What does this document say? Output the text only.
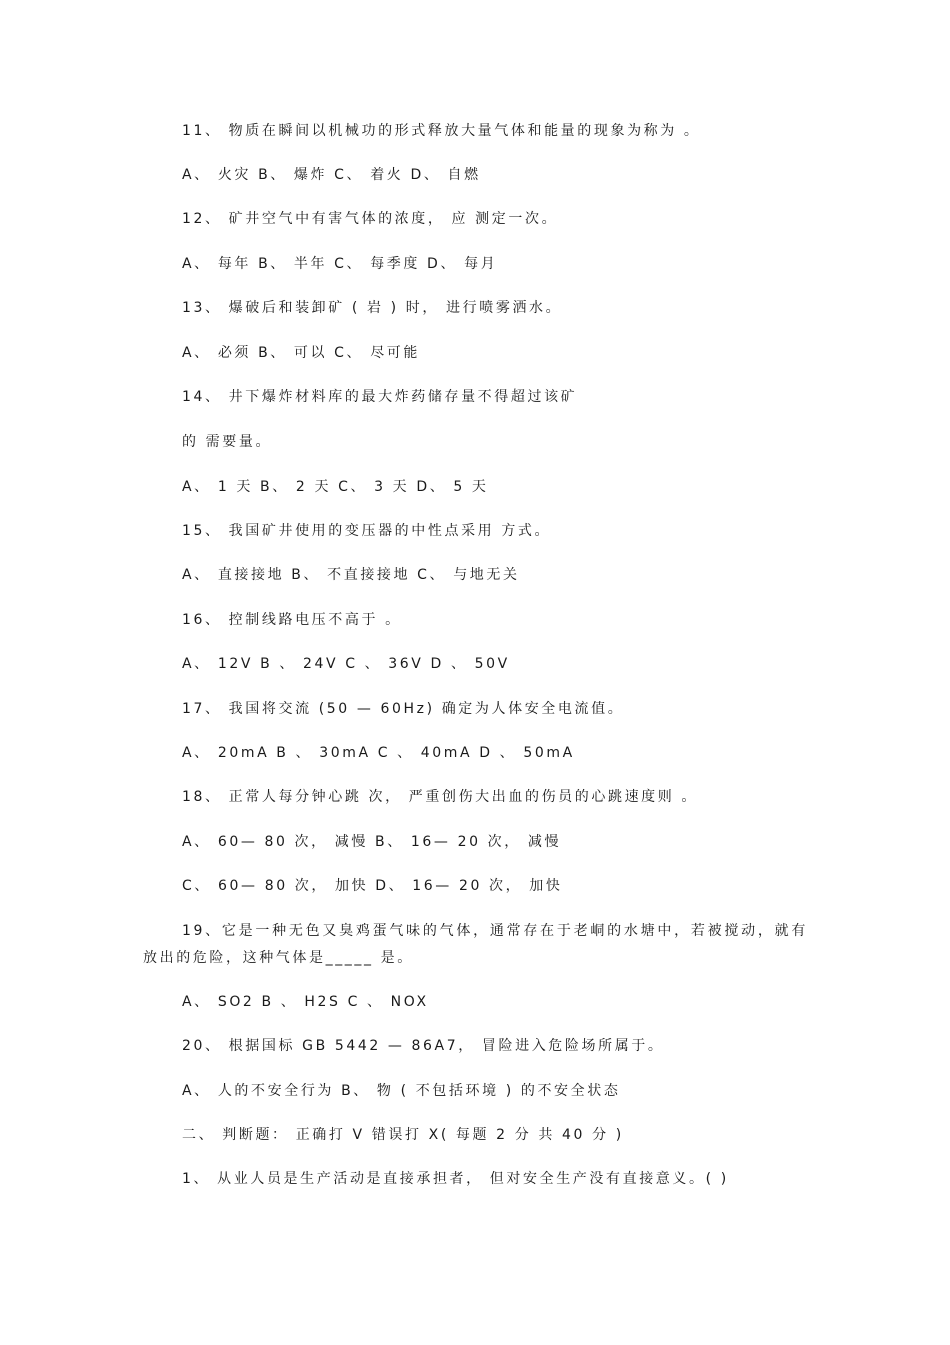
11、 物质在瞬间以机械功的形式释放大量气体和能量的现象为称为 。
A、 火灾 B、 爆炸 C、 着火 D、 自燃
12、 矿井空气中有害气体的浓度， 应 测定一次。
A、 每年 B、 半年 C、 每季度 D、 每月
13、 爆破后和装卸矿 ( 岩 ) 时， 进行喷雾洒水。
A、 必须 B、 可以 C、 尽可能
14、 井下爆炸材料库的最大炸药储存量不得超过该矿
的 需要量。
A、 1 天 B、 2 天 C、 3 天 D、 5 天
15、 我国矿井使用的变压器的中性点采用 方式。
A、 直接接地 B、 不直接接地 C、 与地无关
16、 控制线路电压不高于 。
A、 12V B 、 24V C 、 36V D 、 50V
17、 我国将交流 (50 — 60Hz) 确定为人体安全电流值。
A、 20mA B 、 30mA C 、 40mA D 、 50mA
18、 正常人每分钟心跳 次， 严重创伤大出血的伤员的心跳速度则 。
A、 60— 80 次， 减慢 B、 16— 20 次， 减慢
C、 60— 80 次， 加快 D、 16— 20 次， 加快
19、它是一种无色又臭鸡蛋气味的气体，通常存在于老峒的水塘中，若被搅动，就有放出的危险，这种气体是_____ 是。
A、 SO2 B 、 H2S C 、 NOX
20、 根据国标 GB 5442 — 86A7， 冒险进入危险场所属于。
A、 人的不安全行为 B、 物 ( 不包括环境 ) 的不安全状态
二、 判断题： 正确打 V 错误打 X( 每题 2 分 共 40 分 )
1、 从业人员是生产活动是直接承担者， 但对安全生产没有直接意义。( )
